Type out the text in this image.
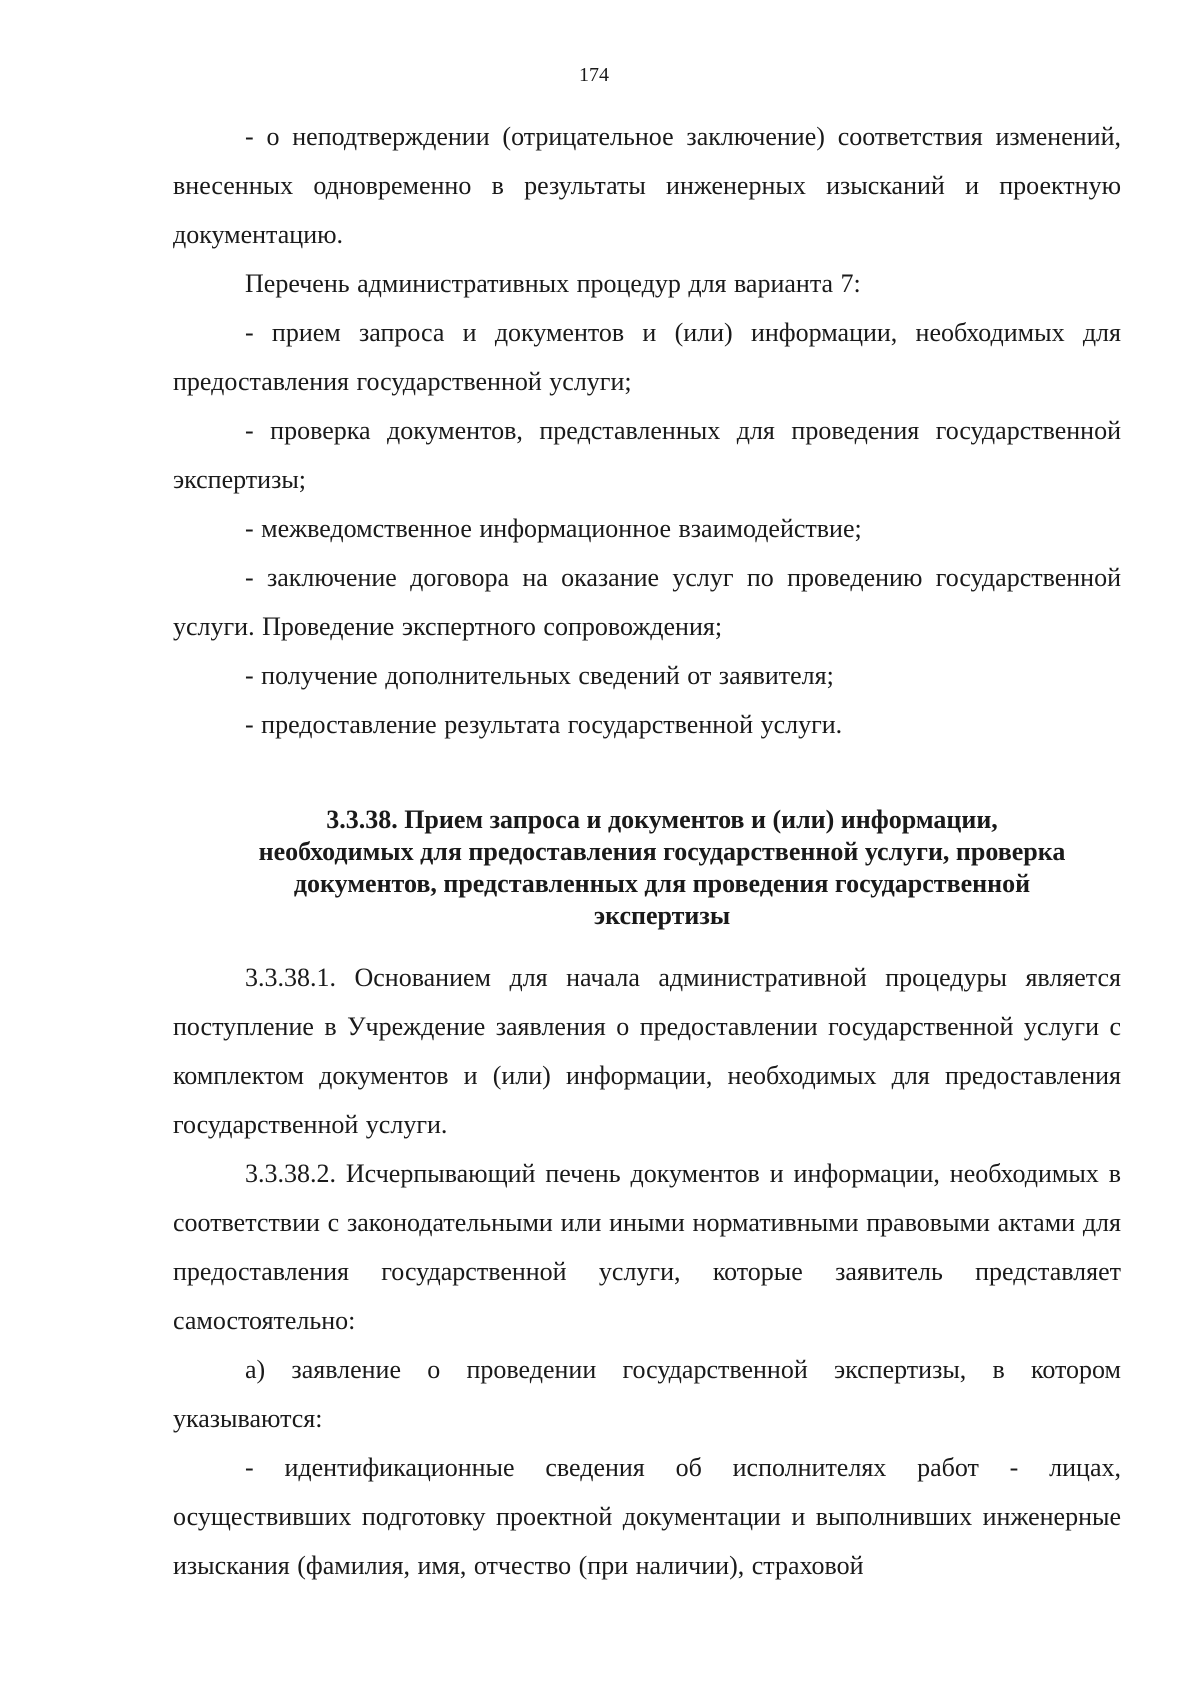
174

- о неподтверждении (отрицательное заключение) соответствия изменений, внесенных одновременно в результаты инженерных изысканий и проектную документацию.

Перечень административных процедур для варианта 7:

- прием запроса и документов и (или) информации, необходимых для предоставления государственной услуги;

- проверка документов, представленных для проведения государственной экспертизы;

- межведомственное информационное взаимодействие;

- заключение договора на оказание услуг по проведению государственной услуги. Проведение экспертного сопровождения;

- получение дополнительных сведений от заявителя;

- предоставление результата государственной услуги.

3.3.38. Прием запроса и документов и (или) информации,
необходимых для предоставления государственной услуги, проверка
документов, представленных для проведения государственной
экспертизы

3.3.38.1. Основанием для начала административной процедуры является поступление в Учреждение заявления о предоставлении государственной услуги с комплектом документов и (или) информации, необходимых для предоставления государственной услуги.

3.3.38.2. Исчерпывающий печень документов и информации, необходимых в соответствии с законодательными или иными нормативными правовыми актами для предоставления государственной услуги, которые заявитель представляет самостоятельно:

а) заявление о проведении государственной экспертизы, в котором указываются:

- идентификационные сведения об исполнителях работ - лицах, осуществивших подготовку проектной документации и выполнивших инженерные изыскания (фамилия, имя, отчество (при наличии), страховой
